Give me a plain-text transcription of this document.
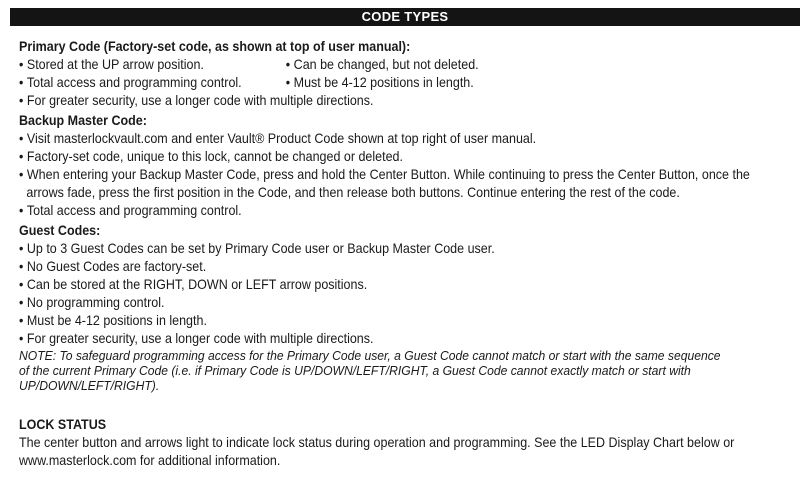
CODE TYPES

Primary Code (Factory-set code, as shown at top of user manual):

• Stored at the UP arrow position.	• Can be changed, but not deleted.
• Total access and programming control.	• Must be 4-12 positions in length.

• For greater security, use a longer code with multiple directions.

Backup Master Code:

• Visit masterlockvault.com and enter Vault® Product Code shown at top right of user manual.

• Factory-set code, unique to this lock, cannot be changed or deleted.

• When entering your Backup Master Code, press and hold the Center Button. While continuing to press the Center Button, once the

arrows fade, press the first position in the Code, and then release both buttons. Continue entering the rest of the code.

• Total access and programming control.

Guest Codes:

• Up to 3 Guest Codes can be set by Primary Code user or Backup Master Code user.

• No Guest Codes are factory-set.

• Can be stored at the RIGHT, DOWN or LEFT arrow positions.

• No programming control.

• Must be 4-12 positions in length.

• For greater security, use a longer code with multiple directions.

NOTE: To safeguard programming access for the Primary Code user, a Guest Code cannot match or start with the same sequence

of the current Primary Code (i.e. if Primary Code is UP/DOWN/LEFT/RIGHT, a Guest Code cannot exactly match or start with

UP/DOWN/LEFT/RIGHT).

LOCK STATUS

The center button and arrows light to indicate lock status during operation and programming. See the LED Display Chart below or

www.masterlock.com for additional information.
